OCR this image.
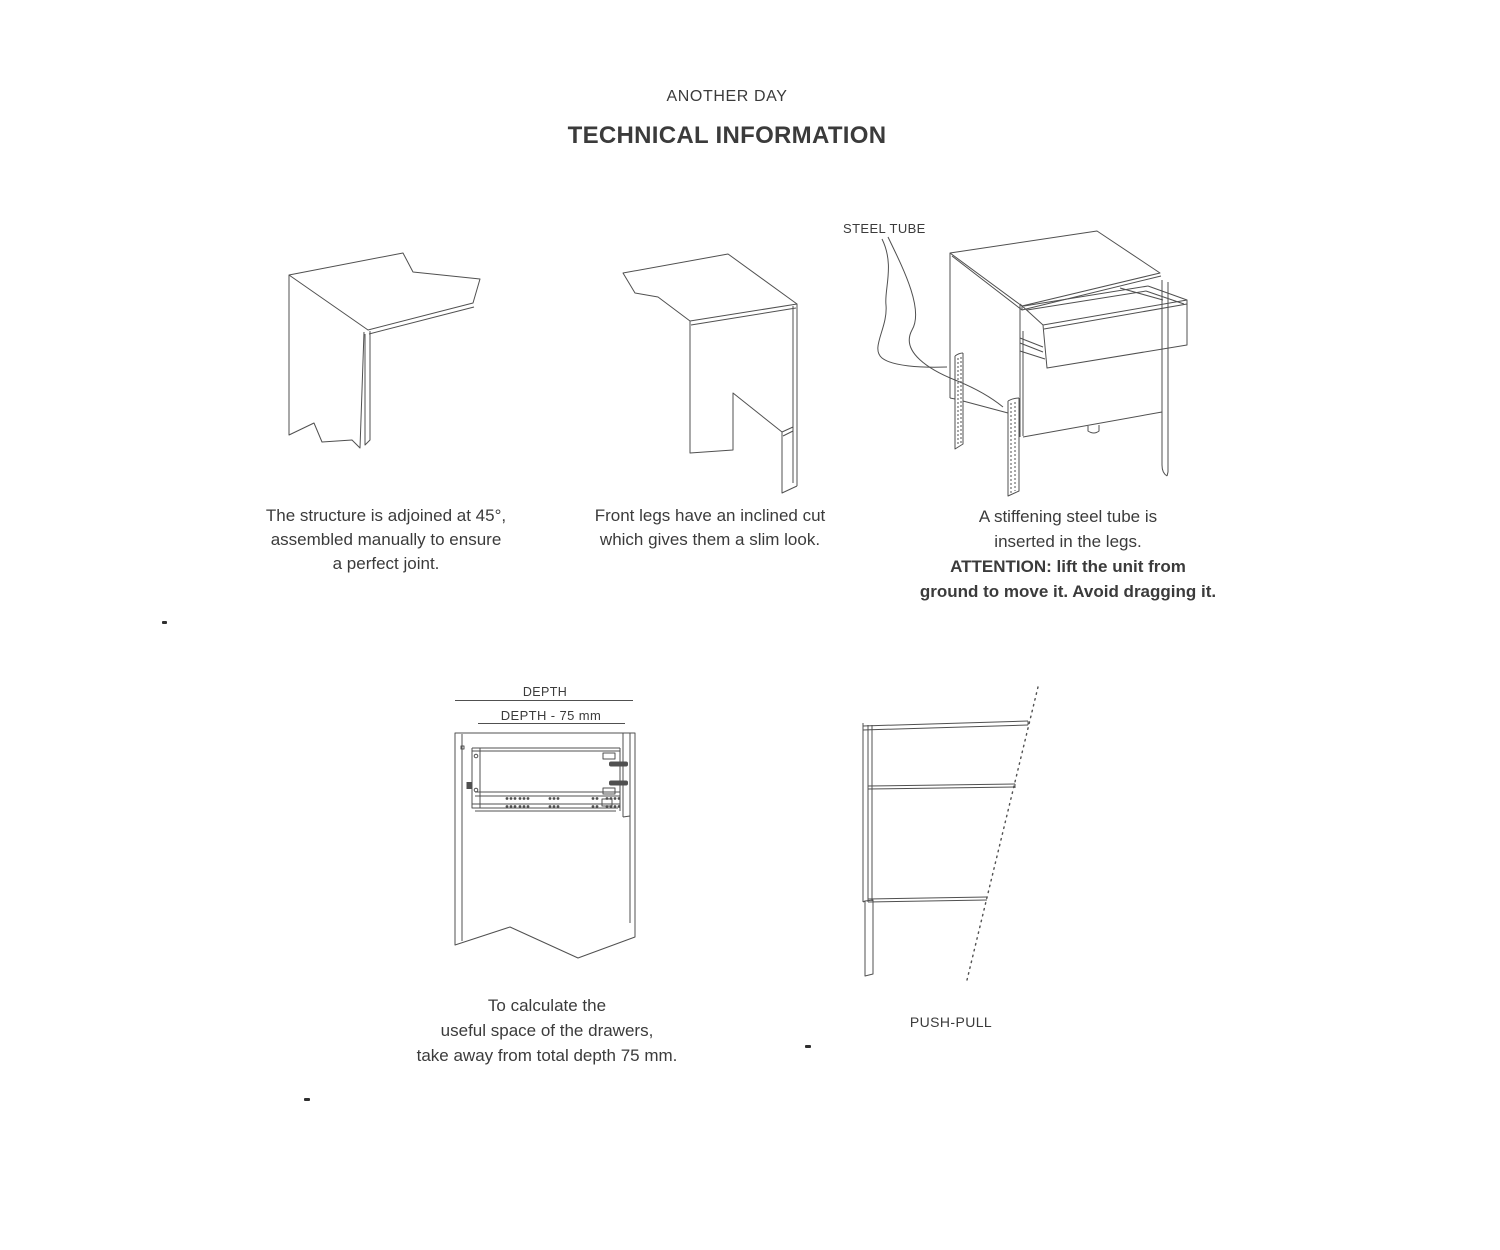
ANOTHER DAY
TECHNICAL INFORMATION
The structure is adjoined at 45°,
assembled manually to ensure
a perfect joint.
Front legs have an inclined cut
which gives them a slim look.
STEEL TUBE
A stiffening steel tube is
inserted in the legs.
ATTENTION: lift the unit from
ground to move it. Avoid dragging it.
DEPTH
DEPTH - 75 mm
To calculate the
useful space of the drawers,
take away from total depth 75 mm.
PUSH-PULL
